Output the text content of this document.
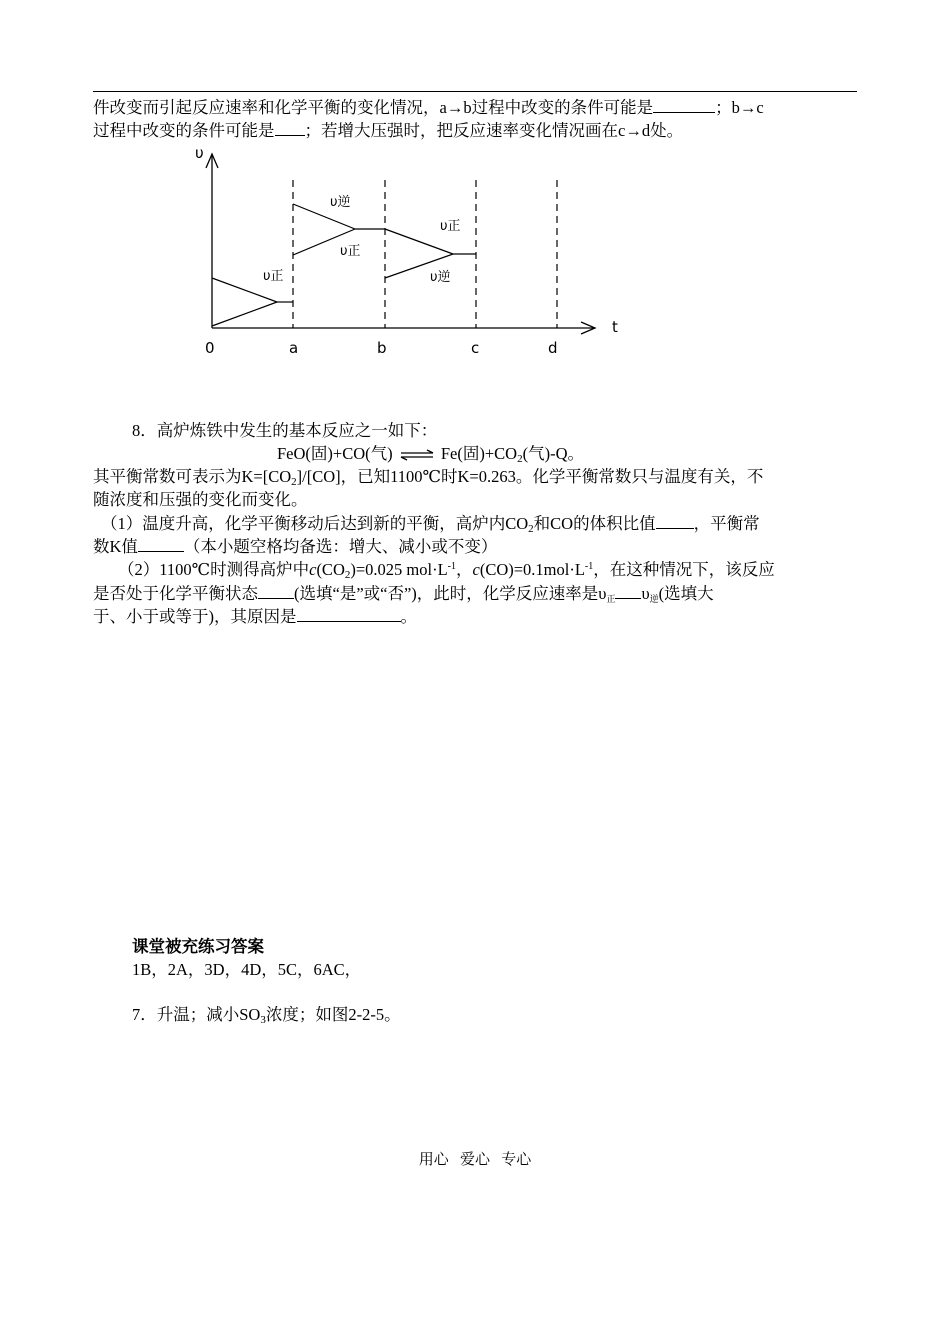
件改变而引起反应速率和化学平衡的变化情况，a→b过程中改变的条件可能是	；b→c
过程中改变的条件可能是 ；若增大压强时，把反应速率变化情况画在c→d处。
υ
t
υ正
υ逆
υ正
υ正
υ逆
0	a	b	c	d
8．高炉炼铁中发生的基本反应之一如下：
FeO(固)+CO(气) ⇌ Fe(固)$+CO_2$(气)-Q。
其平衡常数可表示为$K=[CO_2]/[CO]$，已知1100℃时K=0.263。化学平衡常数只与温度有关，不
随浓度和压强的变化而变化。
（1）温度升高，化学平衡移动后达到新的平衡，高炉内$CO_2$和CO的体积比值 ，平衡常
数K值	（本小题空格均备选：增大、减小或不变）
（2）1100℃时测得高炉中$c(CO_2)=0.025$ $mol\cdot L^{-1}$，$c(CO)=0.1mol\cdot L^{-1}$，在这种情况下，该反应
是否处于化学平衡状态 (选填“是”或“否”)，此时，化学反应速率是$\upsilon_正$ $\upsilon_逆$(选填大
于、小于或等于)，其原因是	。
课堂被充练习答案
1B，2A，3D，4D，5C，6AC，
7．升温；减小$SO_3$浓度；如图2-2-5。
用心   爱心   专心
